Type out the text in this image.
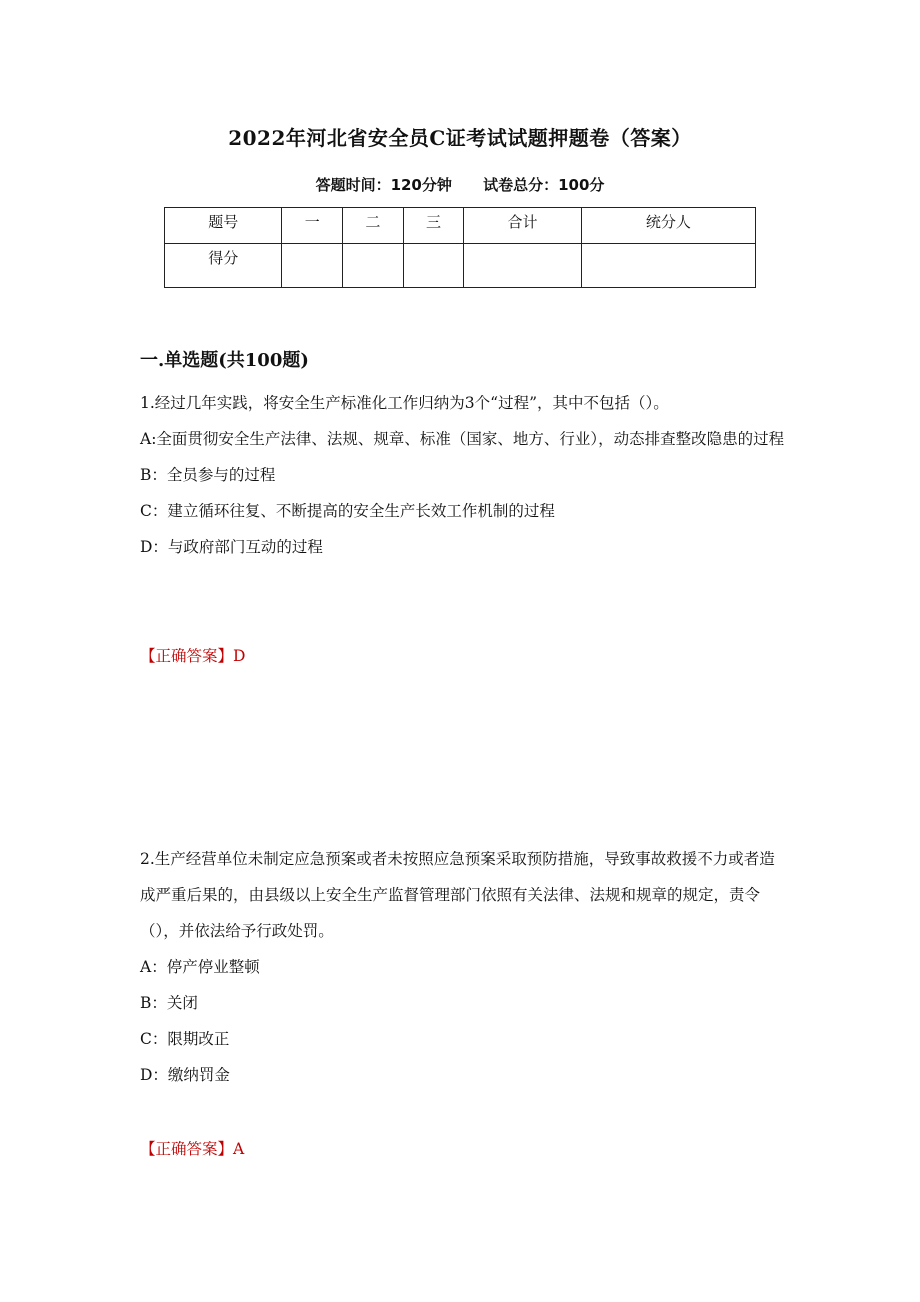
2022年河北省安全员C证考试试题押题卷（答案）
答题时间：120分钟 试卷总分：100分
题号	一	二	三	合计	统分人
得分					
一.单选题(共100题)

1.经过几年实践，将安全生产标准化工作归纳为3个“过程”，其中不包括（）。

A:全面贯彻安全生产法律、法规、规章、标准（国家、地方、行业），动态排查整改隐患的过程

B：全员参与的过程

C：建立循环往复、不断提高的安全生产长效工作机制的过程

D：与政府部门互动的过程

【正确答案】D

2.生产经营单位未制定应急预案或者未按照应急预案采取预防措施，导致事故救援不力或者造成严重后果的，由县级以上安全生产监督管理部门依照有关法律、法规和规章的规定，责令（），并依法给予行政处罚。

A：停产停业整顿

B：关闭

C：限期改正

D：缴纳罚金

【正确答案】A
